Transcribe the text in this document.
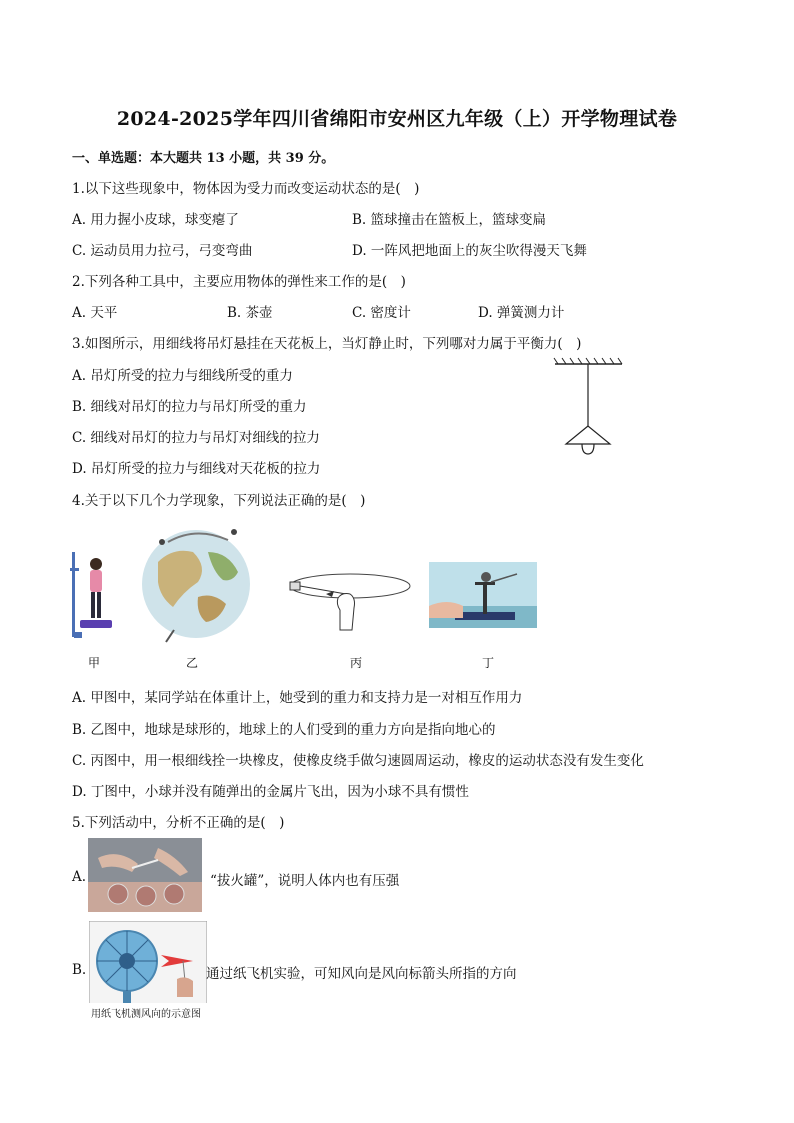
2024-2025学年四川省绵阳市安州区九年级（上）开学物理试卷
一、单选题：本大题共 13 小题，共 39 分。
1.以下这些现象中，物体因为受力而改变运动状态的是(　)
A. 用力握小皮球，球变瘪了	B. 篮球撞击在篮板上，篮球变扁
C. 运动员用力拉弓，弓变弯曲	D. 一阵风把地面上的灰尘吹得漫天飞舞
2.下列各种工具中，主要应用物体的弹性来工作的是(　)
A. 天平	B. 茶壶	C. 密度计	D. 弹簧测力计
3.如图所示，用细线将吊灯悬挂在天花板上，当灯静止时，下列哪对力属于平衡力(　)
A. 吊灯所受的拉力与细线所受的重力
B. 细线对吊灯的拉力与吊灯所受的重力
C. 细线对吊灯的拉力与吊灯对细线的拉力
D. 吊灯所受的拉力与细线对天花板的拉力
4.关于以下几个力学现象，下列说法正确的是(　)
甲	乙	丙	丁
A. 甲图中，某同学站在体重计上，她受到的重力和支持力是一对相互作用力
B. 乙图中，地球是球形的，地球上的人们受到的重力方向是指向地心的
C. 丙图中，用一根细线拴一块橡皮，使橡皮绕手做匀速圆周运动，橡皮的运动状态没有发生变化
D. 丁图中，小球并没有随弹出的金属片飞出，因为小球不具有惯性
5.下列活动中，分析不正确的是(　)
A.	“拔火罐”，说明人体内也有压强
B.
用纸飞机测风向的示意图
通过纸飞机实验，可知风向是风向标箭头所指的方向
